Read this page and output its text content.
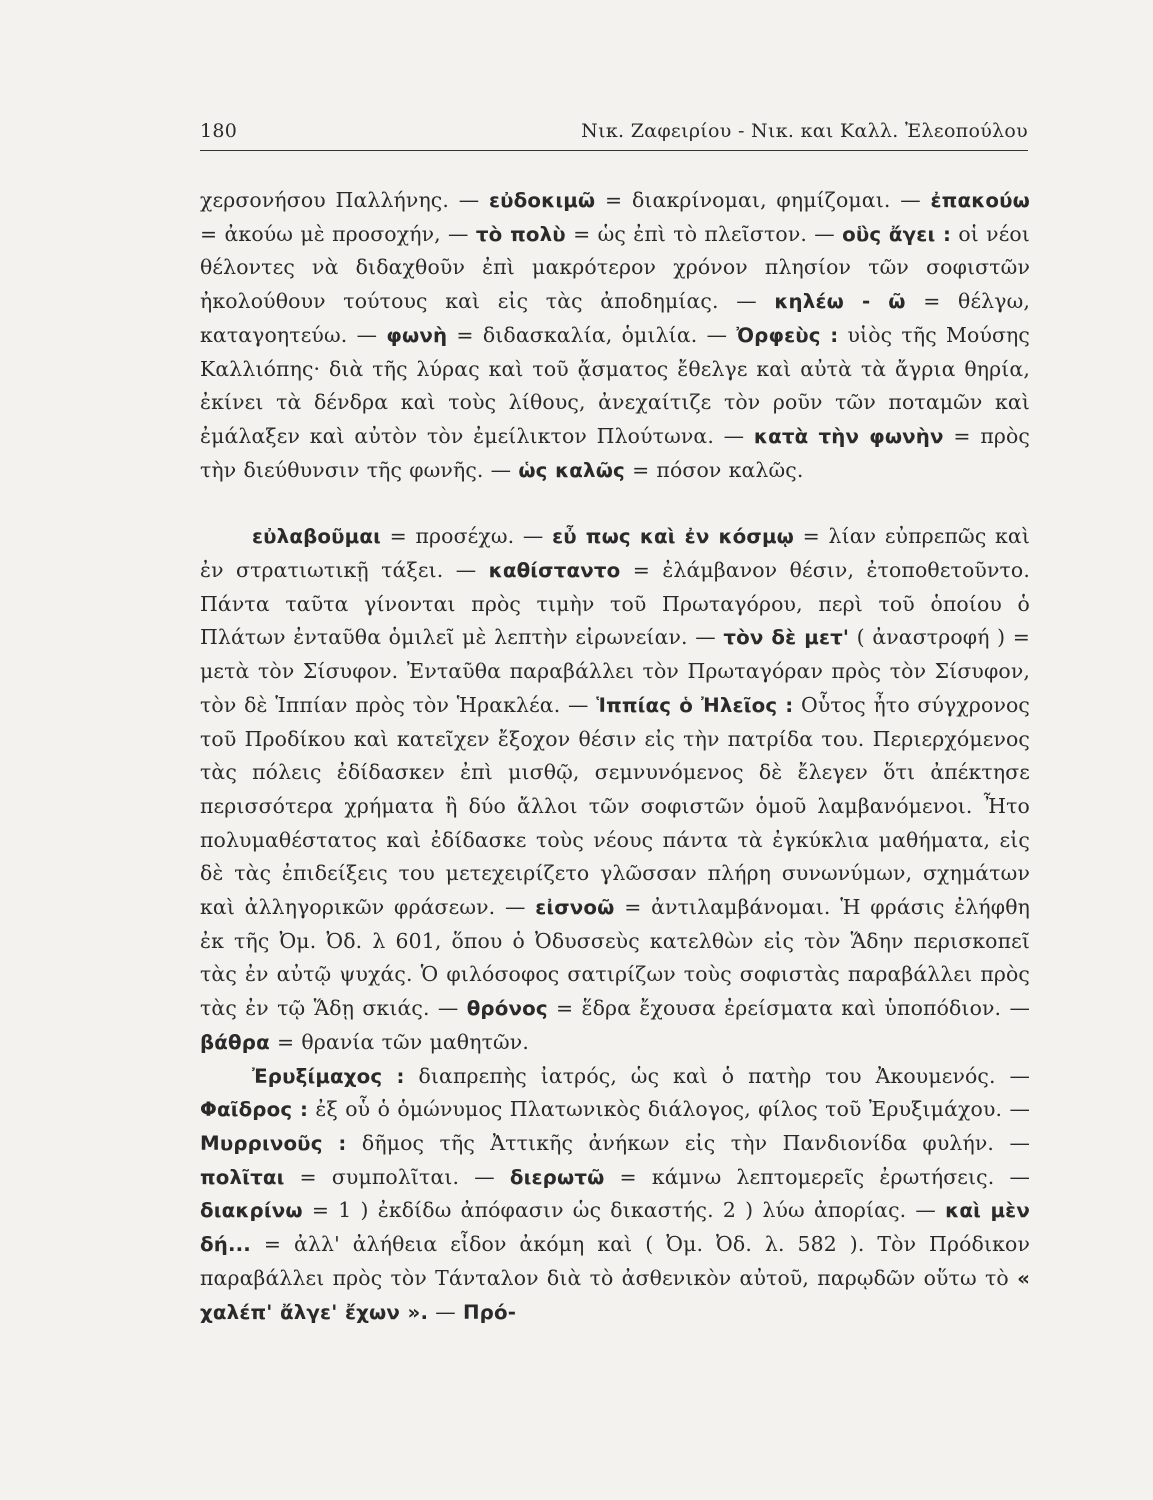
180	Νικ. Ζαφειρίου - Νικ. και Καλλ. Ἐλεοπούλου

χερσονήσου Παλλήνης. — εὐδοκιμῶ = διακρίνομαι, φημίζομαι. — ἐπακούω = ἀκούω μὲ προσοχήν, — τὸ πολὺ = ὡς ἐπὶ τὸ πλεῖστον. — οὓς ἄγει : οἱ νέοι θέλοντες νὰ διδαχθοῦν ἐπὶ μακρότερον χρόνον πλησίον τῶν σοφιστῶν ἠκολούθουν τούτους καὶ εἰς τὰς ἀποδημίας. — κηλέω - ῶ = θέλγω, καταγοητεύω. — φωνὴ = διδασκαλία, ὁμιλία. — Ὀρφεὺς : υἱὸς τῆς Μούσης Καλλιόπης· διὰ τῆς λύρας καὶ τοῦ ᾄσματος ἔθελγε καὶ αὐτὰ τὰ ἄγρια θηρία, ἐκίνει τὰ δένδρα καὶ τοὺς λίθους, ἀνεχαίτιζε τὸν ροῦν τῶν ποταμῶν καὶ ἐμάλαξεν καὶ αὐτὸν τὸν ἐμείλικτον Πλούτωνα. — κατὰ τὴν φωνὴν = πρὸς τὴν διεύθυνσιν τῆς φωνῆς. — ὡς καλῶς = πόσον καλῶς.

εὐλαβοῦμαι = προσέχω. — εὖ πως καὶ ἐν κόσμῳ = λίαν εὐπρεπῶς καὶ ἐν στρατιωτικῇ τάξει. — καθίσταντο = ἐλάμβανον θέσιν, ἐτοποθετοῦντο. Πάντα ταῦτα γίνονται πρὸς τιμὴν τοῦ Πρωταγόρου, περὶ τοῦ ὁποίου ὁ Πλάτων ἐνταῦθα ὁμιλεῖ μὲ λεπτὴν εἰρωνείαν. — τὸν δὲ μετ' ( ἀναστροφή ) = μετὰ τὸν Σίσυφον. Ἐνταῦθα παραβάλλει τὸν Πρωταγόραν πρὸς τὸν Σίσυφον, τὸν δὲ Ἱππίαν πρὸς τὸν Ἡρακλέα. — Ἱππίας ὁ Ἠλεῖος : Οὗτος ἦτο σύγχρονος τοῦ Προδίκου καὶ κατεῖχεν ἔξοχον θέσιν εἰς τὴν πατρίδα του. Περιερχόμενος τὰς πόλεις ἐδίδασκεν ἐπὶ μισθῷ, σεμνυνόμενος δὲ ἔλεγεν ὅτι ἀπέκτησε περισσότερα χρήματα ἢ δύο ἄλλοι τῶν σοφιστῶν ὁμοῦ λαμβανόμενοι. Ἦτο πολυμαθέστατος καὶ ἐδίδασκε τοὺς νέους πάντα τὰ ἐγκύκλια μαθήματα, εἰς δὲ τὰς ἐπιδείξεις του μετεχειρίζετο γλῶσσαν πλήρη συνωνύμων, σχημάτων καὶ ἀλληγορικῶν φράσεων. — εἰσνοῶ = ἀντιλαμβάνομαι. Ἡ φράσις ἐλήφθη ἐκ τῆς Ὀμ. Ὀδ. λ 601, ὅπου ὁ Ὀδυσσεὺς κατελθὼν εἰς τὸν Ἅδην περισκοπεῖ τὰς ἐν αὐτῷ ψυχάς. Ὁ φιλόσοφος σατιρίζων τοὺς σοφιστὰς παραβάλλει πρὸς τὰς ἐν τῷ Ἅδῃ σκιάς. — θρόνος = ἕδρα ἔχουσα ἐρείσματα καὶ ὑποπόδιον. — βάθρα = θρανία τῶν μαθητῶν.

Ἐρυξίμαχος : διαπρεπὴς ἰατρός, ὡς καὶ ὁ πατὴρ του Ἀκουμενός. — Φαῖδρος : ἐξ οὗ ὁ ὁμώνυμος Πλατωνικὸς διάλογος, φίλος τοῦ Ἐρυξιμάχου. — Μυρρινοῦς : δῆμος τῆς Ἀττικῆς ἀνήκων εἰς τὴν Πανδιονίδα φυλήν. — πολῖται = συμπολῖται. — διερωτῶ = κάμνω λεπτομερεῖς ἐρωτήσεις. — διακρίνω = 1 ) ἐκδίδω ἀπόφασιν ὡς δικαστής. 2 ) λύω ἀπορίας. — καὶ μὲν δή... = ἀλλ' ἀλήθεια εἶδον ἀκόμη καὶ ( Ὀμ. Ὀδ. λ. 582 ). Τὸν Πρόδικον παραβάλλει πρὸς τὸν Τάνταλον διὰ τὸ ἀσθενικὸν αὐτοῦ, παρῳδῶν οὕτω τὸ « χαλέπ' ἄλγε' ἔχων ». — Πρό-
